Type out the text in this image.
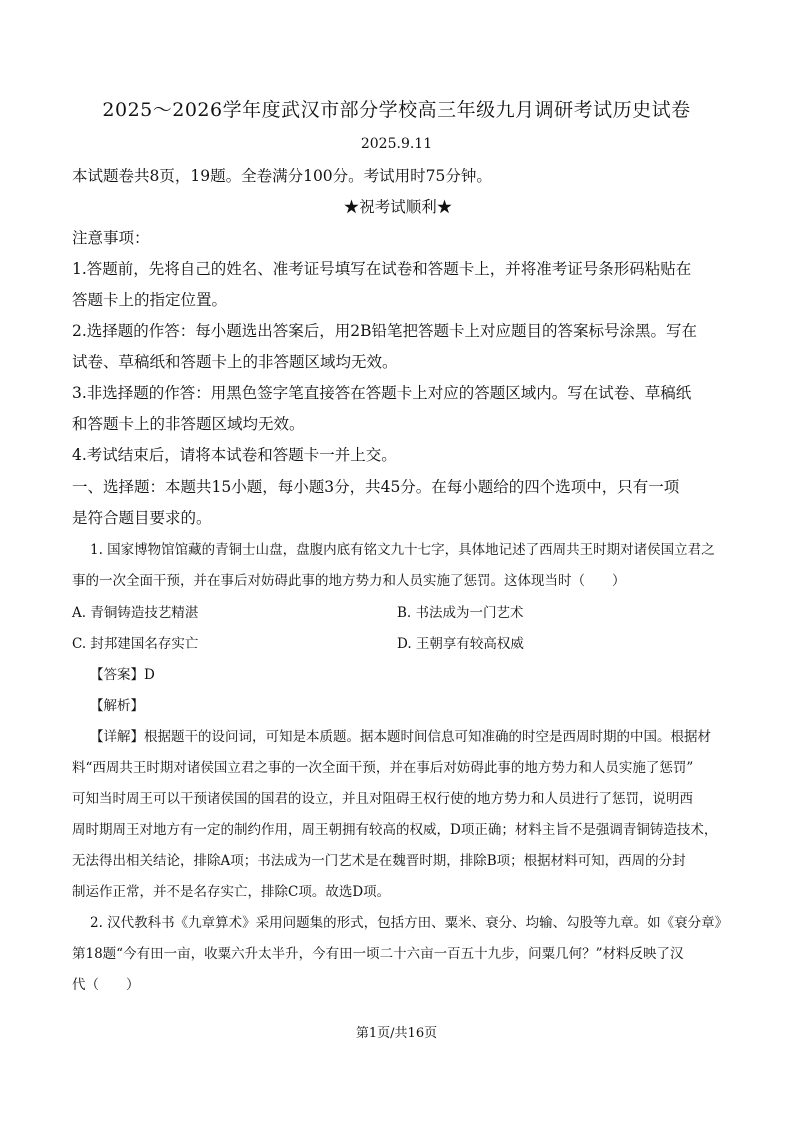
2025～2026学年度武汉市部分学校高三年级九月调研考试历史试卷
2025.9.11
本试题卷共8页，19题。全卷满分100分。考试用时75分钟。
★祝考试顺利★
注意事项：
1.答题前，先将自己的姓名、准考证号填写在试卷和答题卡上，并将准考证号条形码粘贴在
答题卡上的指定位置。
2.选择题的作答：每小题选出答案后，用2B铅笔把答题卡上对应题目的答案标号涂黑。写在
试卷、草稿纸和答题卡上的非答题区域均无效。
3.非选择题的作答：用黑色签字笔直接答在答题卡上对应的答题区域内。写在试卷、草稿纸
和答题卡上的非答题区域均无效。
4.考试结束后，请将本试卷和答题卡一并上交。
一、选择题：本题共15小题，每小题3分，共45分。在每小题给的四个选项中，只有一项
是符合题目要求的。
1. 国家博物馆馆藏的青铜士山盘，盘腹内底有铭文九十七字，具体地记述了西周共王时期对诸侯国立君之
事的一次全面干预，并在事后对妨碍此事的地方势力和人员实施了惩罚。这体现当时（　　）
A. 青铜铸造技艺精湛	B. 书法成为一门艺术
C. 封邦建国名存实亡	D. 王朝享有较高权威
【答案】D
【解析】
【详解】根据题干的设问词，可知是本质题。据本题时间信息可知准确的时空是西周时期的中国。根据材
料“西周共王时期对诸侯国立君之事的一次全面干预，并在事后对妨碍此事的地方势力和人员实施了惩罚”
可知当时周王可以干预诸侯国的国君的设立，并且对阻碍王权行使的地方势力和人员进行了惩罚，说明西
周时期周王对地方有一定的制约作用，周王朝拥有较高的权威，D项正确；材料主旨不是强调青铜铸造技术，
无法得出相关结论，排除A项；书法成为一门艺术是在魏晋时期，排除B项；根据材料可知，西周的分封
制运作正常，并不是名存实亡，排除C项。故选D项。
2. 汉代教科书《九章算术》采用问题集的形式，包括方田、粟米、衰分、均输、勾股等九章。如《衰分章》
第18题“今有田一亩，收粟六升太半升，今有田一顷二十六亩一百五十九步，问粟几何？”材料反映了汉
代（　　）
第1页/共16页
